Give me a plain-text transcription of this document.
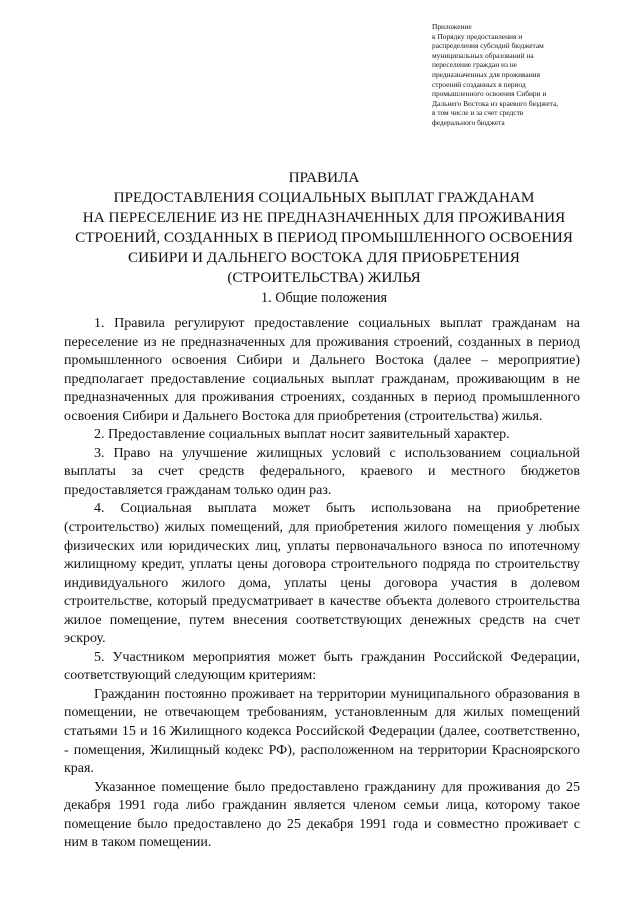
Приложение
к Порядку предоставления и
распределения субсидий бюджетам
муниципальных образований на
переселение граждан из не
предназначенных для проживания
строений созданных в период
промышленного освоения Сибири и
Дальнего Востока из краевого бюджета,
в том числе и за счет средств
федерального бюджета
ПРАВИЛА
ПРЕДОСТАВЛЕНИЯ СОЦИАЛЬНЫХ ВЫПЛАТ ГРАЖДАНАМ
НА ПЕРЕСЕЛЕНИЕ ИЗ НЕ ПРЕДНАЗНАЧЕННЫХ ДЛЯ ПРОЖИВАНИЯ
СТРОЕНИЙ, СОЗДАННЫХ В ПЕРИОД ПРОМЫШЛЕННОГО ОСВОЕНИЯ
СИБИРИ И ДАЛЬНЕГО ВОСТОКА ДЛЯ ПРИОБРЕТЕНИЯ
(СТРОИТЕЛЬСТВА) ЖИЛЬЯ
1. Общие положения

1. Правила регулируют предоставление социальных выплат гражданам на переселение из не предназначенных для проживания строений, созданных в период промышленного освоения Сибири и Дальнего Востока (далее – мероприятие) предполагает предоставление социальных выплат гражданам, проживающим в не предназначенных для проживания строениях, созданных в период промышленного освоения Сибири и Дальнего Востока для приобретения (строительства) жилья.

2. Предоставление социальных выплат носит заявительный характер.

3. Право на улучшение жилищных условий с использованием социальной выплаты за счет средств федерального, краевого и местного бюджетов предоставляется гражданам только один раз.

4. Социальная выплата может быть использована на приобретение (строительство) жилых помещений, для приобретения жилого помещения у любых физических или юридических лиц, уплаты первоначального взноса по ипотечному жилищному кредит, уплаты цены договора строительного подряда по строительству индивидуального жилого дома, уплаты цены договора участия в долевом строительстве, который предусматривает в качестве объекта долевого строительства жилое помещение, путем внесения соответствующих денежных средств на счет эскроу.

5. Участником мероприятия может быть гражданин Российской Федерации, соответствующий следующим критериям:

Гражданин постоянно проживает на территории муниципального образования в помещении, не отвечающем требованиям, установленным для жилых помещений статьями 15 и 16 Жилищного кодекса Российской Федерации (далее, соответственно, - помещения, Жилищный кодекс РФ), расположенном на территории Красноярского края.

Указанное помещение было предоставлено гражданину для проживания до 25 декабря 1991 года либо гражданин является членом семьи лица, которому такое помещение было предоставлено до 25 декабря 1991 года и совместно проживает с ним в таком помещении.
